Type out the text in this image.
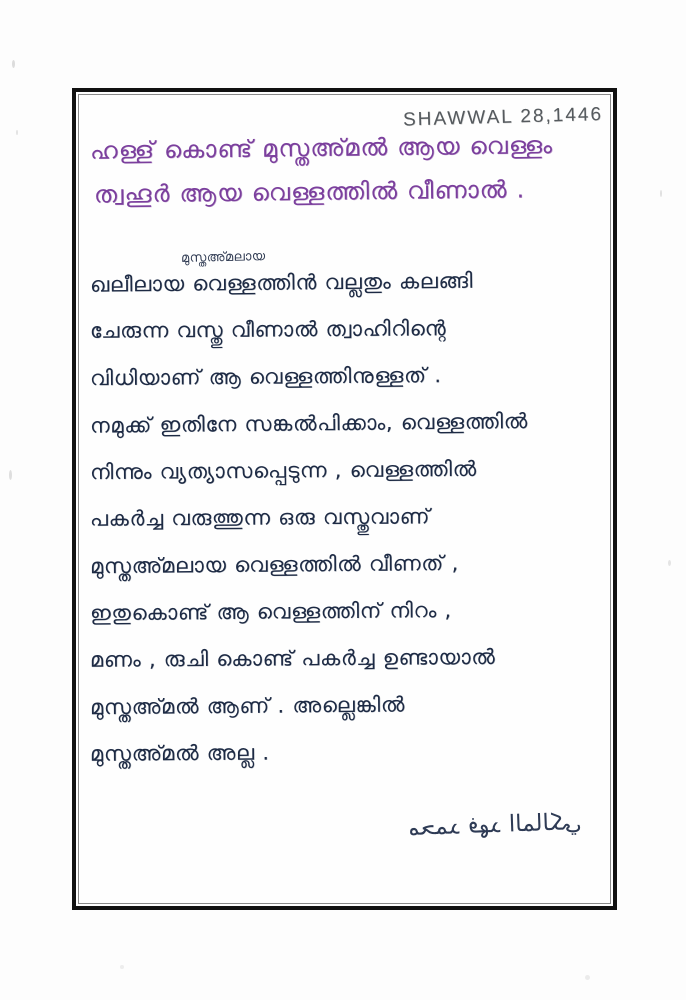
SHAWWAL 28,1446
ഹള്ള് കൊണ്ട് മുസ്തഅ്മൽ ആയ വെള്ളം
ത്വഹൂർ ആയ വെള്ളത്തിൽ വീണാൽ .
മുസ്തഅ്മലായ
ഖലീലായ വെള്ളത്തിൻ വല്ലതും കലങ്ങി
ചേരുന്ന വസ്തു വീണാൽ ത്വാഹിറിന്റെ
വിധിയാണ് ആ വെള്ളത്തിനുള്ളത് .
നമുക്ക് ഇതിനേ സങ്കൽപിക്കാം, വെള്ളത്തിൽ
നിന്നും വ്യത്യാസപ്പെടുന്ന , വെള്ളത്തിൽ
പകർച്ച വരുത്തുന്ന ഒരു വസ്തുവാണ്
മുസ്തഅ്മലായ വെള്ളത്തിൽ വീണത് ,
ഇതുകൊണ്ട് ആ വെള്ളത്തിന് നിറം ,
മണം , രുചി കൊണ്ട് പകർച്ച ഉണ്ടായാൽ
മുസ്തഅ്മൽ ആണ് . അല്ലെങ്കിൽ
മുസ്തഅ്മൽ അല്ല .
محمد فهد المالكي
